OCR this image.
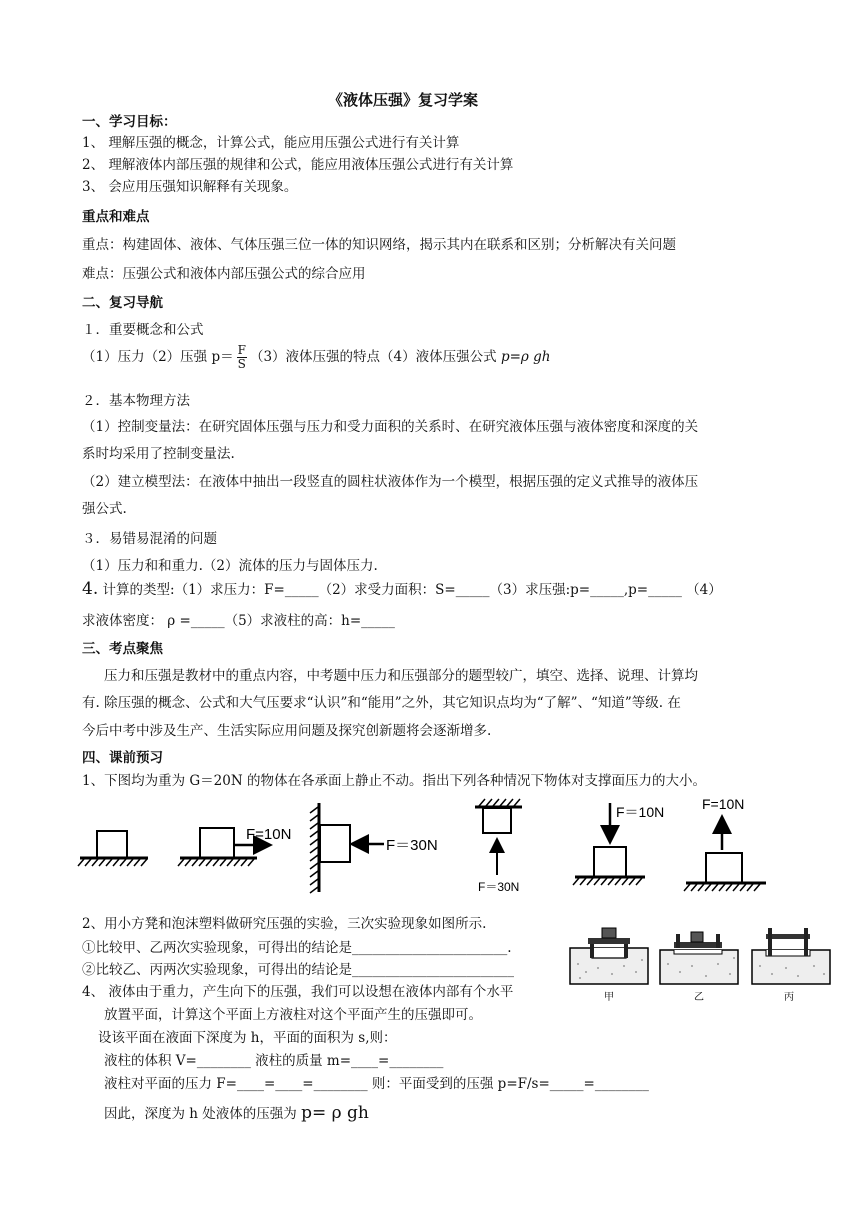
《液体压强》复习学案
一、学习目标：
1、 理解压强的概念，计算公式，能应用压强公式进行有关计算
2、 理解液体内部压强的规律和公式，能应用液体压强公式进行有关计算
3、 会应用压强知识解释有关现象。
重点和难点
重点：构建固体、液体、气体压强三位一体的知识网络，揭示其内在联系和区别；分析解决有关问题
难点：压强公式和液体内部压强公式的综合应用
二、复习导航
１．重要概念和公式
（1）压力（2）压强 $p= \frac{F}{S} (3)$液体压强的特点（4）液体压强公式 p=ρ gh
２．基本物理方法
（1）控制变量法：在研究固体压强与压力和受力面积的关系时、在研究液体压强与液体密度和深度的关
系时均采用了控制变量法.
（2）建立模型法：在液体中抽出一段竖直的圆柱状液体作为一个模型，根据压强的定义式推导的液体压
强公式.
３．易错易混淆的问题
（1）压力和和重力.（2）流体的压力与固体压力.
4. 计算的类型:（1）求压力：F=_____（2）求受力面积：S=_____（3）求压强:p=_____,p=_____ （4）
求液体密度： ρ =_____（5）求液柱的高：h=_____
三、考点聚焦
压力和压强是教材中的重点内容，中考题中压力和压强部分的题型较广，填空、选择、说理、计算均
有. 除压强的概念、公式和大气压要求“认识”和“能用”之外，其它知识点均为“了解”、“知道”等级. 在
今后中考中涉及生产、生活实际应用问题及探究创新题将会逐渐增多.
四、课前预习
1、下图均为重为 G＝20N 的物体在各承面上静止不动。指出下列各种情况下物体对支撑面压力的大小。
F=10N
F＝30N
F＝30N
F＝10N	F=10N
2、用小方凳和泡沫塑料做研究压强的实验，三次实验现象如图所示.
①比较甲、乙两次实验现象，可得出的结论是_______________________.
②比较乙、丙两次实验现象，可得出的结论是________________________
甲	乙	丙
4、 液体由于重力，产生向下的压强，我们可以设想在液体内部有个水平
放置平面，计算这个平面上方液柱对这个平面产生的压强即可。
设该平面在液面下深度为 h，平面的面积为 s,则：
液柱的体积 V=________ 液柱的质量 m=____=________
液柱对平面的压力 F=____=____=________ 则：平面受到的压强 p=F/s=_____=________
因此，深度为 h 处液体的压强为 p= ρ gh
